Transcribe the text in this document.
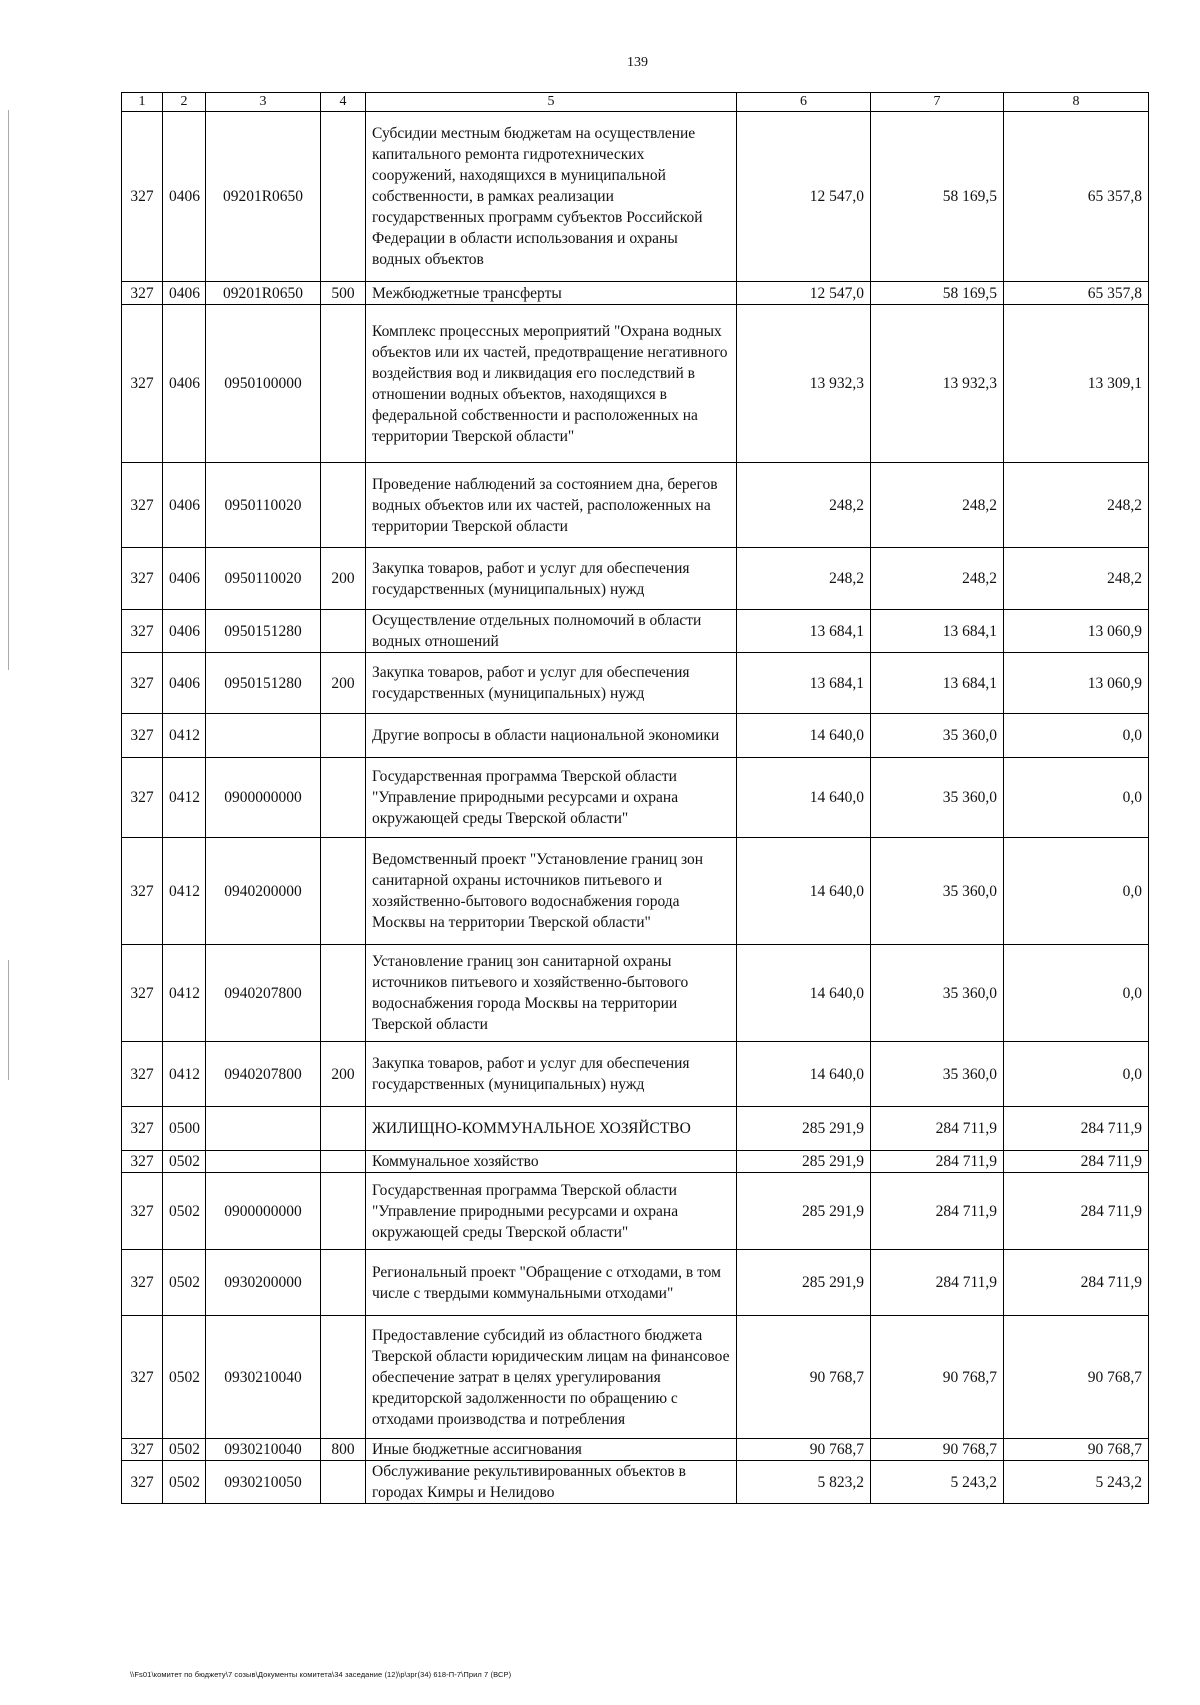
139
1	2	3	4	5	6	7	8
327	0406	09201R0650		Субсидии местным бюджетам на осуществление капитального ремонта гидротехнических сооружений, находящихся в муниципальной собственности, в рамках реализации государственных программ субъектов Российской Федерации в области использования и охраны водных объектов	12 547,0	58 169,5	65 357,8
327	0406	09201R0650	500	Межбюджетные трансферты	12 547,0	58 169,5	65 357,8
327	0406	0950100000		Комплекс процессных мероприятий "Охрана водных объектов или их частей, предотвращение негативного воздействия вод и ликвидация его последствий в отношении водных объектов, находящихся в федеральной собственности и расположенных на территории Тверской области"	13 932,3	13 932,3	13 309,1
327	0406	0950110020		Проведение наблюдений за состоянием дна, берегов водных объектов или их частей, расположенных на территории Тверской области	248,2	248,2	248,2
327	0406	0950110020	200	Закупка товаров, работ и услуг для обеспечения государственных (муниципальных) нужд	248,2	248,2	248,2
327	0406	0950151280		Осуществление отдельных полномочий в области водных отношений	13 684,1	13 684,1	13 060,9
327	0406	0950151280	200	Закупка товаров, работ и услуг для обеспечения государственных (муниципальных) нужд	13 684,1	13 684,1	13 060,9
327	0412			Другие вопросы в области национальной экономики	14 640,0	35 360,0	0,0
327	0412	0900000000		Государственная программа Тверской области "Управление природными ресурсами и охрана окружающей среды Тверской области"	14 640,0	35 360,0	0,0
327	0412	0940200000		Ведомственный проект "Установление границ зон санитарной охраны источников питьевого и хозяйственно-бытового водоснабжения города Москвы на территории Тверской области"	14 640,0	35 360,0	0,0
327	0412	0940207800		Установление границ зон санитарной охраны источников питьевого и хозяйственно-бытового водоснабжения города Москвы на территории Тверской области	14 640,0	35 360,0	0,0
327	0412	0940207800	200	Закупка товаров, работ и услуг для обеспечения государственных (муниципальных) нужд	14 640,0	35 360,0	0,0
327	0500			ЖИЛИЩНО-КОММУНАЛЬНОЕ ХОЗЯЙСТВО	285 291,9	284 711,9	284 711,9
327	0502			Коммунальное хозяйство	285 291,9	284 711,9	284 711,9
327	0502	0900000000		Государственная программа Тверской области "Управление природными ресурсами и охрана окружающей среды Тверской области"	285 291,9	284 711,9	284 711,9
327	0502	0930200000		Региональный проект "Обращение с отходами, в том числе с твердыми коммунальными отходами"	285 291,9	284 711,9	284 711,9
327	0502	0930210040		Предоставление субсидий из областного бюджета Тверской области юридическим лицам на финансовое обеспечение затрат в целях урегулирования кредиторской задолженности по обращению с отходами производства и потребления	90 768,7	90 768,7	90 768,7
327	0502	0930210040	800	Иные бюджетные ассигнования	90 768,7	90 768,7	90 768,7
327	0502	0930210050		Обслуживание рекультивированных объектов в городах Кимры и Нелидово	5 823,2	5 243,2	5 243,2
\\Fs01\комитет по бюджету\7 созыв\Документы комитета\34 заседание (12)\р\зрг(34) 618-П-7\Прил 7 (ВСР)
